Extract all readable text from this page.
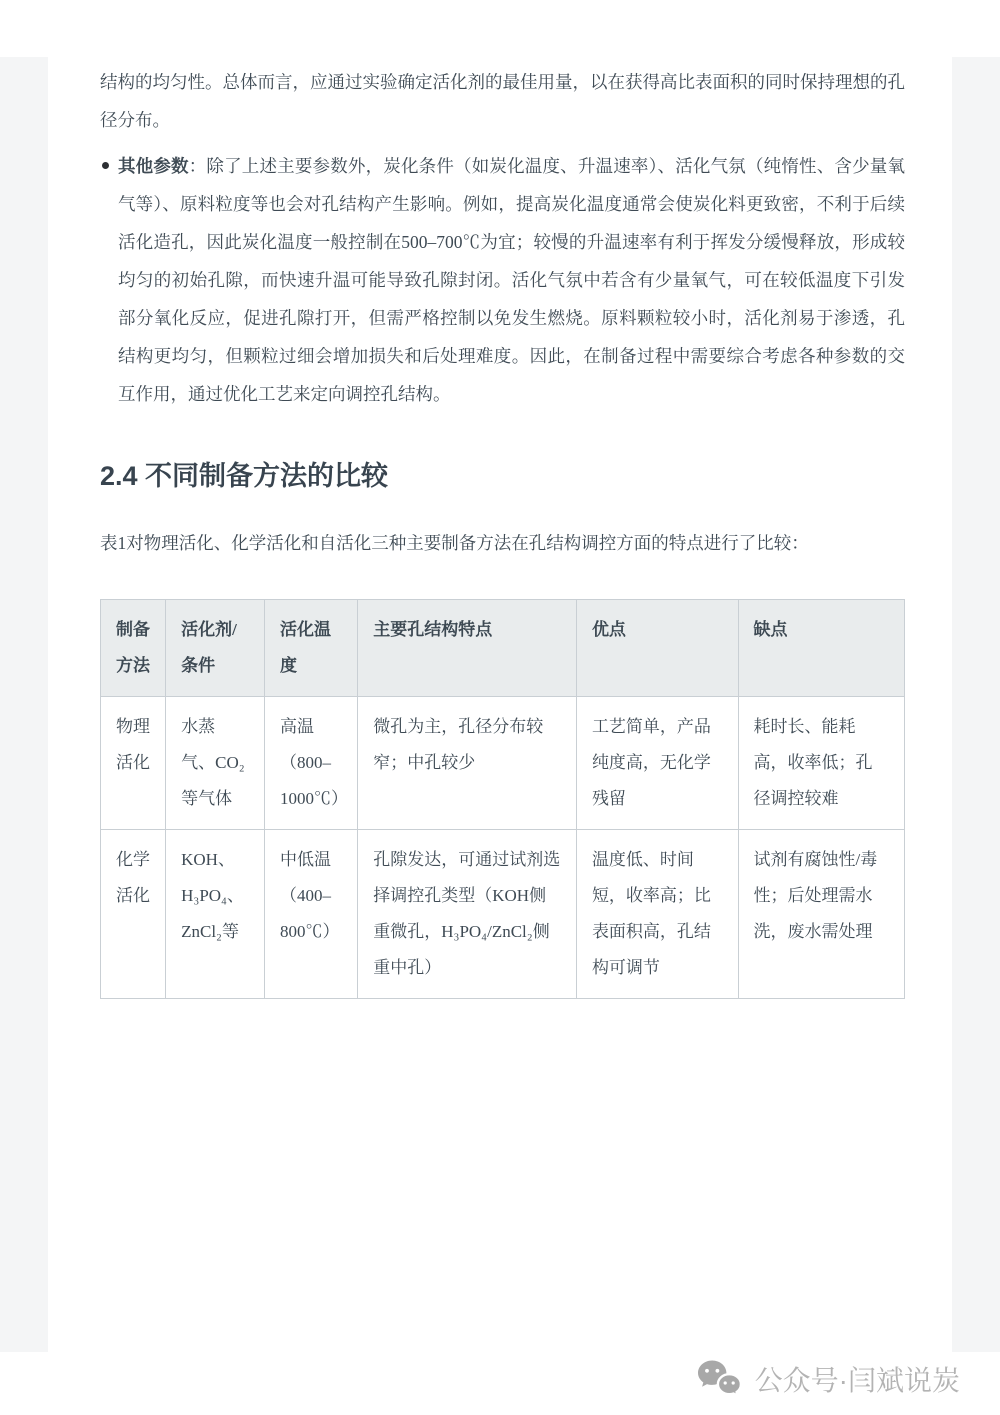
结构的均匀性。总体而言，应通过实验确定活化剂的最佳用量，以在获得高比表面积的同时保持理想的孔径分布。

其他参数：除了上述主要参数外，炭化条件（如炭化温度、升温速率）、活化气氛（纯惰性、含少量氧气等）、原料粒度等也会对孔结构产生影响。例如，提高炭化温度通常会使炭化料更致密，不利于后续活化造孔，因此炭化温度一般控制在500–700℃为宜；较慢的升温速率有利于挥发分缓慢释放，形成较均匀的初始孔隙，而快速升温可能导致孔隙封闭。活化气氛中若含有少量氧气，可在较低温度下引发部分氧化反应，促进孔隙打开，但需严格控制以免发生燃烧。原料颗粒较小时，活化剂易于渗透，孔结构更均匀，但颗粒过细会增加损失和后处理难度。因此，在制备过程中需要综合考虑各种参数的交互作用，通过优化工艺来定向调控孔结构。
2.4 不同制备方法的比较

表1对物理活化、化学活化和自活化三种主要制备方法在孔结构调控方面的特点进行了比较：

制备方法	活化剂/条件	活化温度	主要孔结构特点	优点	缺点
物理活化	水蒸气、CO₂等气体	高温（800–1000℃）	微孔为主，孔径分布较窄；中孔较少	工艺简单，产品纯度高，无化学残留	耗时长、能耗高，收率低；孔径调控较难
化学活化	KOH、H₃PO₄、ZnCl₂等	中低温（400–800℃）	孔隙发达，可通过试剂选择调控孔类型（KOH侧重微孔，H₃PO₄/ZnCl₂侧重中孔）	温度低、时间短，收率高；比表面积高，孔结构可调节	试剂有腐蚀性/毒性；后处理需水洗，废水需处理
公众号·闫斌说炭
